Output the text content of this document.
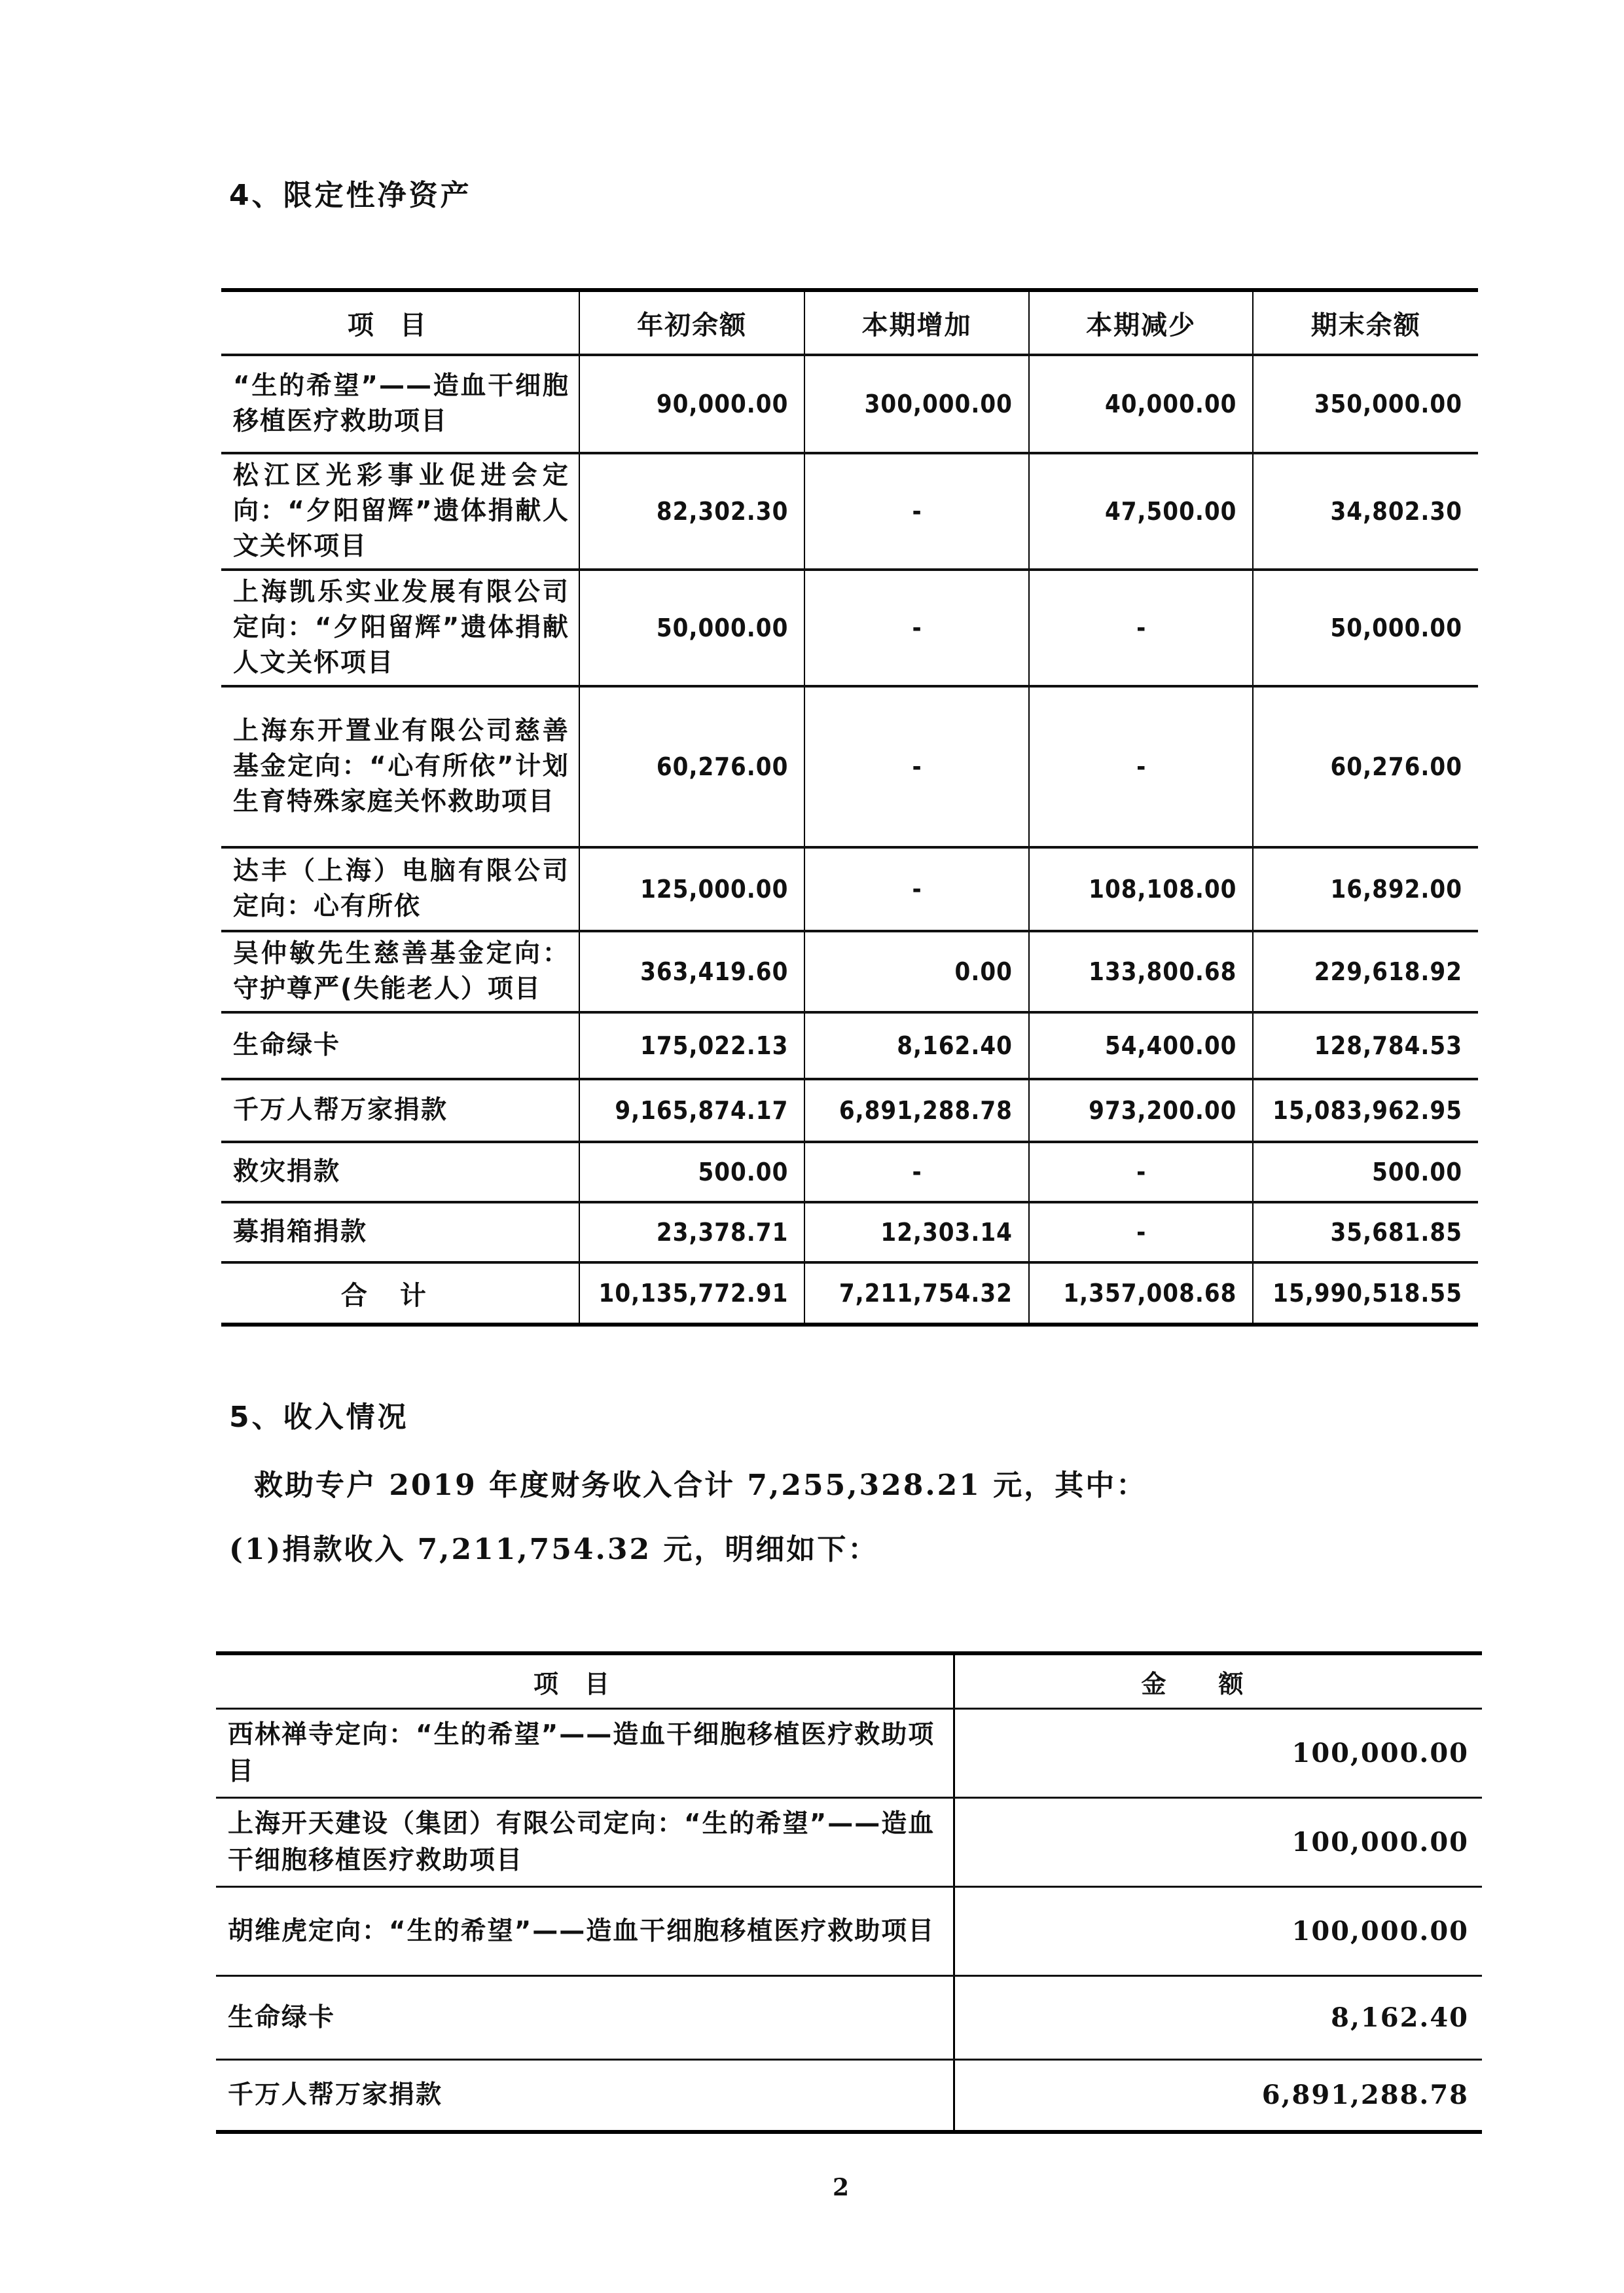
4、限定性净资产
项目	年初余额	本期增加	本期减少	期末余额
“生的希望”——造血干细胞移植医疗救助项目	90,000.00	300,000.00	40,000.00	350,000.00
松江区光彩事业促进会定向：“夕阳留辉”遗体捐献人文关怀项目	82,302.30	-	47,500.00	34,802.30
上海凯乐实业发展有限公司定向：“夕阳留辉”遗体捐献人文关怀项目	50,000.00	-	-	50,000.00
上海东开置业有限公司慈善基金定向：“心有所依”计划生育特殊家庭关怀救助项目	60,276.00	-	-	60,276.00
达丰（上海）电脑有限公司定向：心有所依	125,000.00	-	108,108.00	16,892.00
吴仲敏先生慈善基金定向：守护尊严(失能老人）项目	363,419.60	0.00	133,800.68	229,618.92
生命绿卡	175,022.13	8,162.40	54,400.00	128,784.53
千万人帮万家捐款	9,165,874.17	6,891,288.78	973,200.00	15,083,962.95
救灾捐款	500.00	-	-	500.00
募捐箱捐款	23,378.71	12,303.14	-	35,681.85
合计	10,135,772.91	7,211,754.32	1,357,008.68	15,990,518.55
5、收入情况
救助专户 2019 年度财务收入合计 7,255,328.21 元，其中：
(1)捐款收入 7,211,754.32 元，明细如下：
项目	金额
西林禅寺定向：“生的希望”——造血干细胞移植医疗救助项目	100,000.00
上海开天建设（集团）有限公司定向：“生的希望”——造血干细胞移植医疗救助项目	100,000.00
胡维虎定向：“生的希望”——造血干细胞移植医疗救助项目	100,000.00
生命绿卡	8,162.40
千万人帮万家捐款	6,891,288.78
2
